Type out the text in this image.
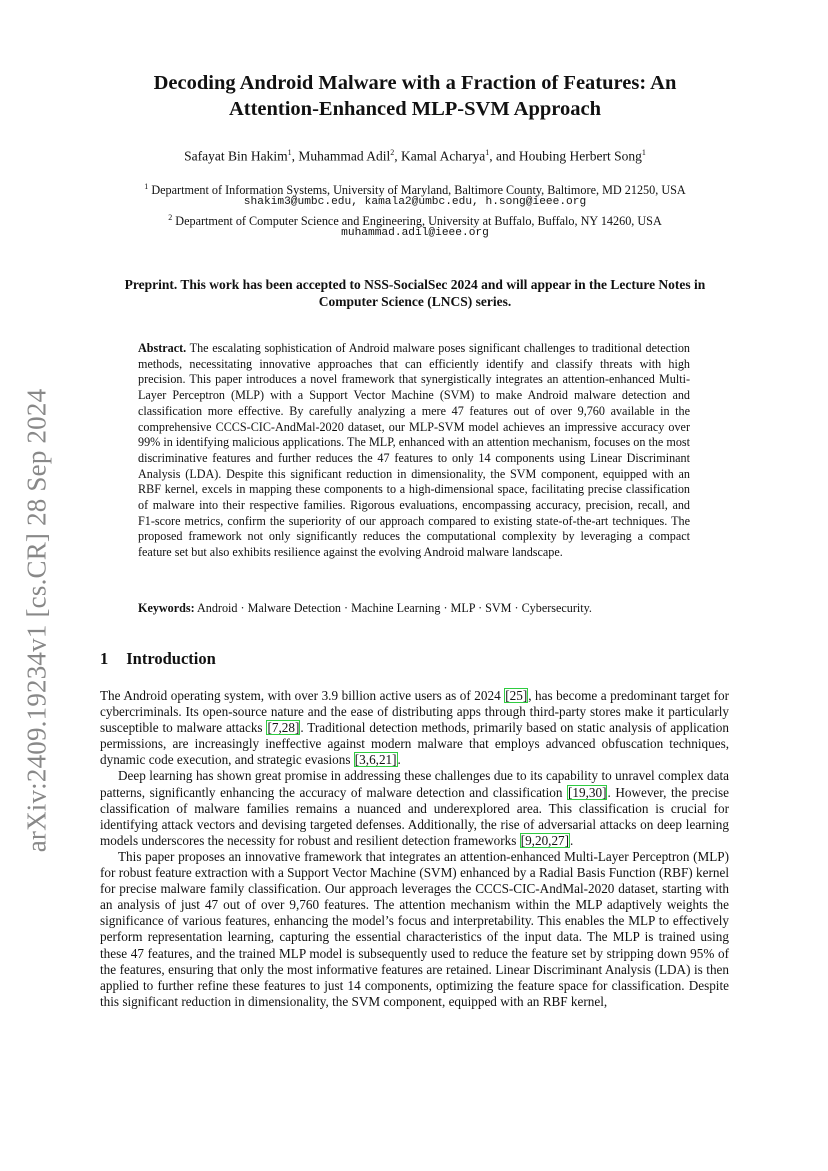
arXiv:2409.19234v1 [cs.CR] 28 Sep 2024
Decoding Android Malware with a Fraction of Features: An
Attention-Enhanced MLP-SVM Approach
Safayat Bin Hakim$^1$, Muhammad Adil$^2$, Kamal Acharya$^1$, and Houbing Herbert Song$^1$
$^1$ Department of Information Systems, University of Maryland, Baltimore County, Baltimore, MD 21250, USA
shakim3@umbc.edu, kamala2@umbc.edu, h.song@ieee.org
$^2$ Department of Computer Science and Engineering, University at Buffalo, Buffalo, NY 14260, USA
muhammad.adil@ieee.org
Preprint. This work has been accepted to NSS-SocialSec 2024 and will appear in the Lecture Notes in Computer Science (LNCS) series.
Abstract. The escalating sophistication of Android malware poses significant challenges to traditional detection methods, necessitating innovative approaches that can efficiently identify and classify threats with high precision. This paper introduces a novel framework that synergistically integrates an attention-enhanced Multi-Layer Perceptron (MLP) with a Support Vector Machine (SVM) to make Android malware detection and classification more effective. By carefully analyzing a mere 47 features out of over 9,760 available in the comprehensive CCCS-CIC-AndMal-2020 dataset, our MLP-SVM model achieves an impressive accuracy over 99% in identifying malicious applications. The MLP, enhanced with an attention mechanism, focuses on the most discriminative features and further reduces the 47 features to only 14 components using Linear Discriminant Analysis (LDA). Despite this significant reduction in dimensionality, the SVM component, equipped with an RBF kernel, excels in mapping these components to a high-dimensional space, facilitating precise classification of malware into their respective families. Rigorous evaluations, encompassing accuracy, precision, recall, and F1-score metrics, confirm the superiority of our approach compared to existing state-of-the-art techniques. The proposed framework not only significantly reduces the computational complexity by leveraging a compact feature set but also exhibits resilience against the evolving Android malware landscape.
Keywords: Android · Malware Detection · Machine Learning · MLP · SVM · Cybersecurity.
1 Introduction

The Android operating system, with over 3.9 billion active users as of 2024 [25], has become a predominant target for cybercriminals. Its open-source nature and the ease of distributing apps through third-party stores make it particularly susceptible to malware attacks [7,28]. Traditional detection methods, primarily based on static analysis of application permissions, are increasingly ineffective against modern malware that employs advanced obfuscation techniques, dynamic code execution, and strategic evasions [3,6,21].

Deep learning has shown great promise in addressing these challenges due to its capability to unravel complex data patterns, significantly enhancing the accuracy of malware detection and classification [19,30]. However, the precise classification of malware families remains a nuanced and underexplored area. This classification is crucial for identifying attack vectors and devising targeted defenses. Additionally, the rise of adversarial attacks on deep learning models underscores the necessity for robust and resilient detection frameworks [9,20,27].

This paper proposes an innovative framework that integrates an attention-enhanced Multi-Layer Perceptron (MLP) for robust feature extraction with a Support Vector Machine (SVM) enhanced by a Radial Basis Function (RBF) kernel for precise malware family classification. Our approach leverages the CCCS-CIC-AndMal-2020 dataset, starting with an analysis of just 47 out of over 9,760 features. The attention mechanism within the MLP adaptively weights the significance of various features, enhancing the model’s focus and interpretability. This enables the MLP to effectively perform representation learning, capturing the essential characteristics of the input data. The MLP is trained using these 47 features, and the trained MLP model is subsequently used to reduce the feature set by stripping down 95% of the features, ensuring that only the most informative features are retained. Linear Discriminant Analysis (LDA) is then applied to further refine these features to just 14 components, optimizing the feature space for classification. Despite this significant reduction in dimensionality, the SVM component, equipped with an RBF kernel,
